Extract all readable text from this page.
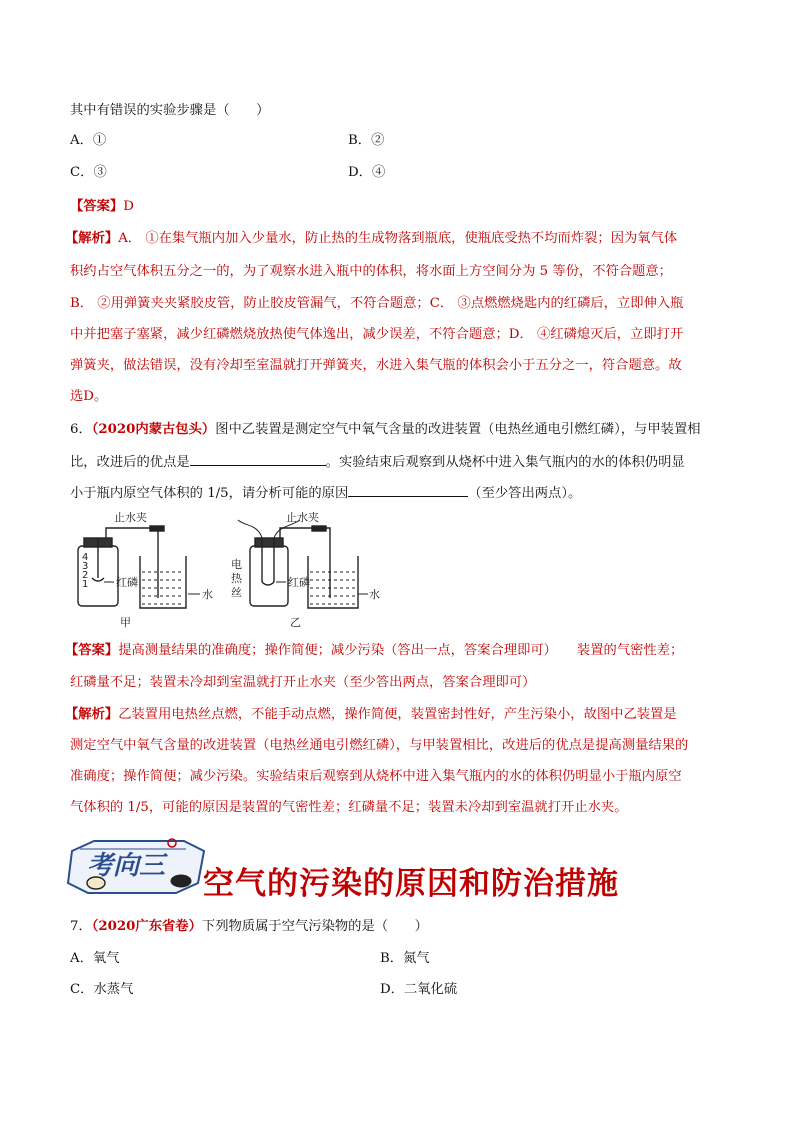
其中有错误的实验步骤是（　　）
A．①	B．②
C．③	D．④
【答案】D
【解析】A． ①在集气瓶内加入少量水，防止热的生成物落到瓶底，使瓶底受热不均而炸裂；因为氧气体
积约占空气体积五分之一的，为了观察水进入瓶中的体积，将水面上方空间分为 5 等份，不符合题意；
B． ②用弹簧夹夹紧胶皮管，防止胶皮管漏气，不符合题意；C． ③点燃燃烧匙内的红磷后，立即伸入瓶
中并把塞子塞紧，减少红磷燃烧放热使气体逸出，减少误差，不符合题意；D． ④红磷熄灭后，立即打开
弹簧夹，做法错误，没有冷却至室温就打开弹簧夹，水进入集气瓶的体积会小于五分之一，符合题意。故
选D。
6．（2020内蒙古包头）图中乙装置是测定空气中氧气含量的改进装置（电热丝通电引燃红磷），与甲装置相
比，改进后的优点是	。实验结束后观察到从烧杯中进入集气瓶内的水的体积仍明显
小于瓶内原空气体积的 1/5，请分析可能的原因	（至少答出两点）。
4
3
2
1
止水夹
红磷
水
甲
电
热
丝
止水夹
红磷
水
乙
【答案】提高测量结果的准确度；操作简便；减少污染（答出一点，答案合理即可）　　装置的气密性差；
红磷量不足；装置未冷却到室温就打开止水夹（至少答出两点，答案合理即可）
【解析】乙装置用电热丝点燃，不能手动点燃，操作简便，装置密封性好，产生污染小，故图中乙装置是
测定空气中氧气含量的改进装置（电热丝通电引燃红磷），与甲装置相比，改进后的优点是提高测量结果的
准确度；操作简便；减少污染。实验结束后观察到从烧杯中进入集气瓶内的水的体积仍明显小于瓶内原空
气体积的 1/5，可能的原因是装置的气密性差；红磷量不足；装置未冷却到室温就打开止水夹。
考向三 空气的污染的原因和防治措施
7．（2020广东省卷）下列物质属于空气污染物的是（　　）
A．氧气	B．氮气
C．水蒸气	D．二氧化硫
